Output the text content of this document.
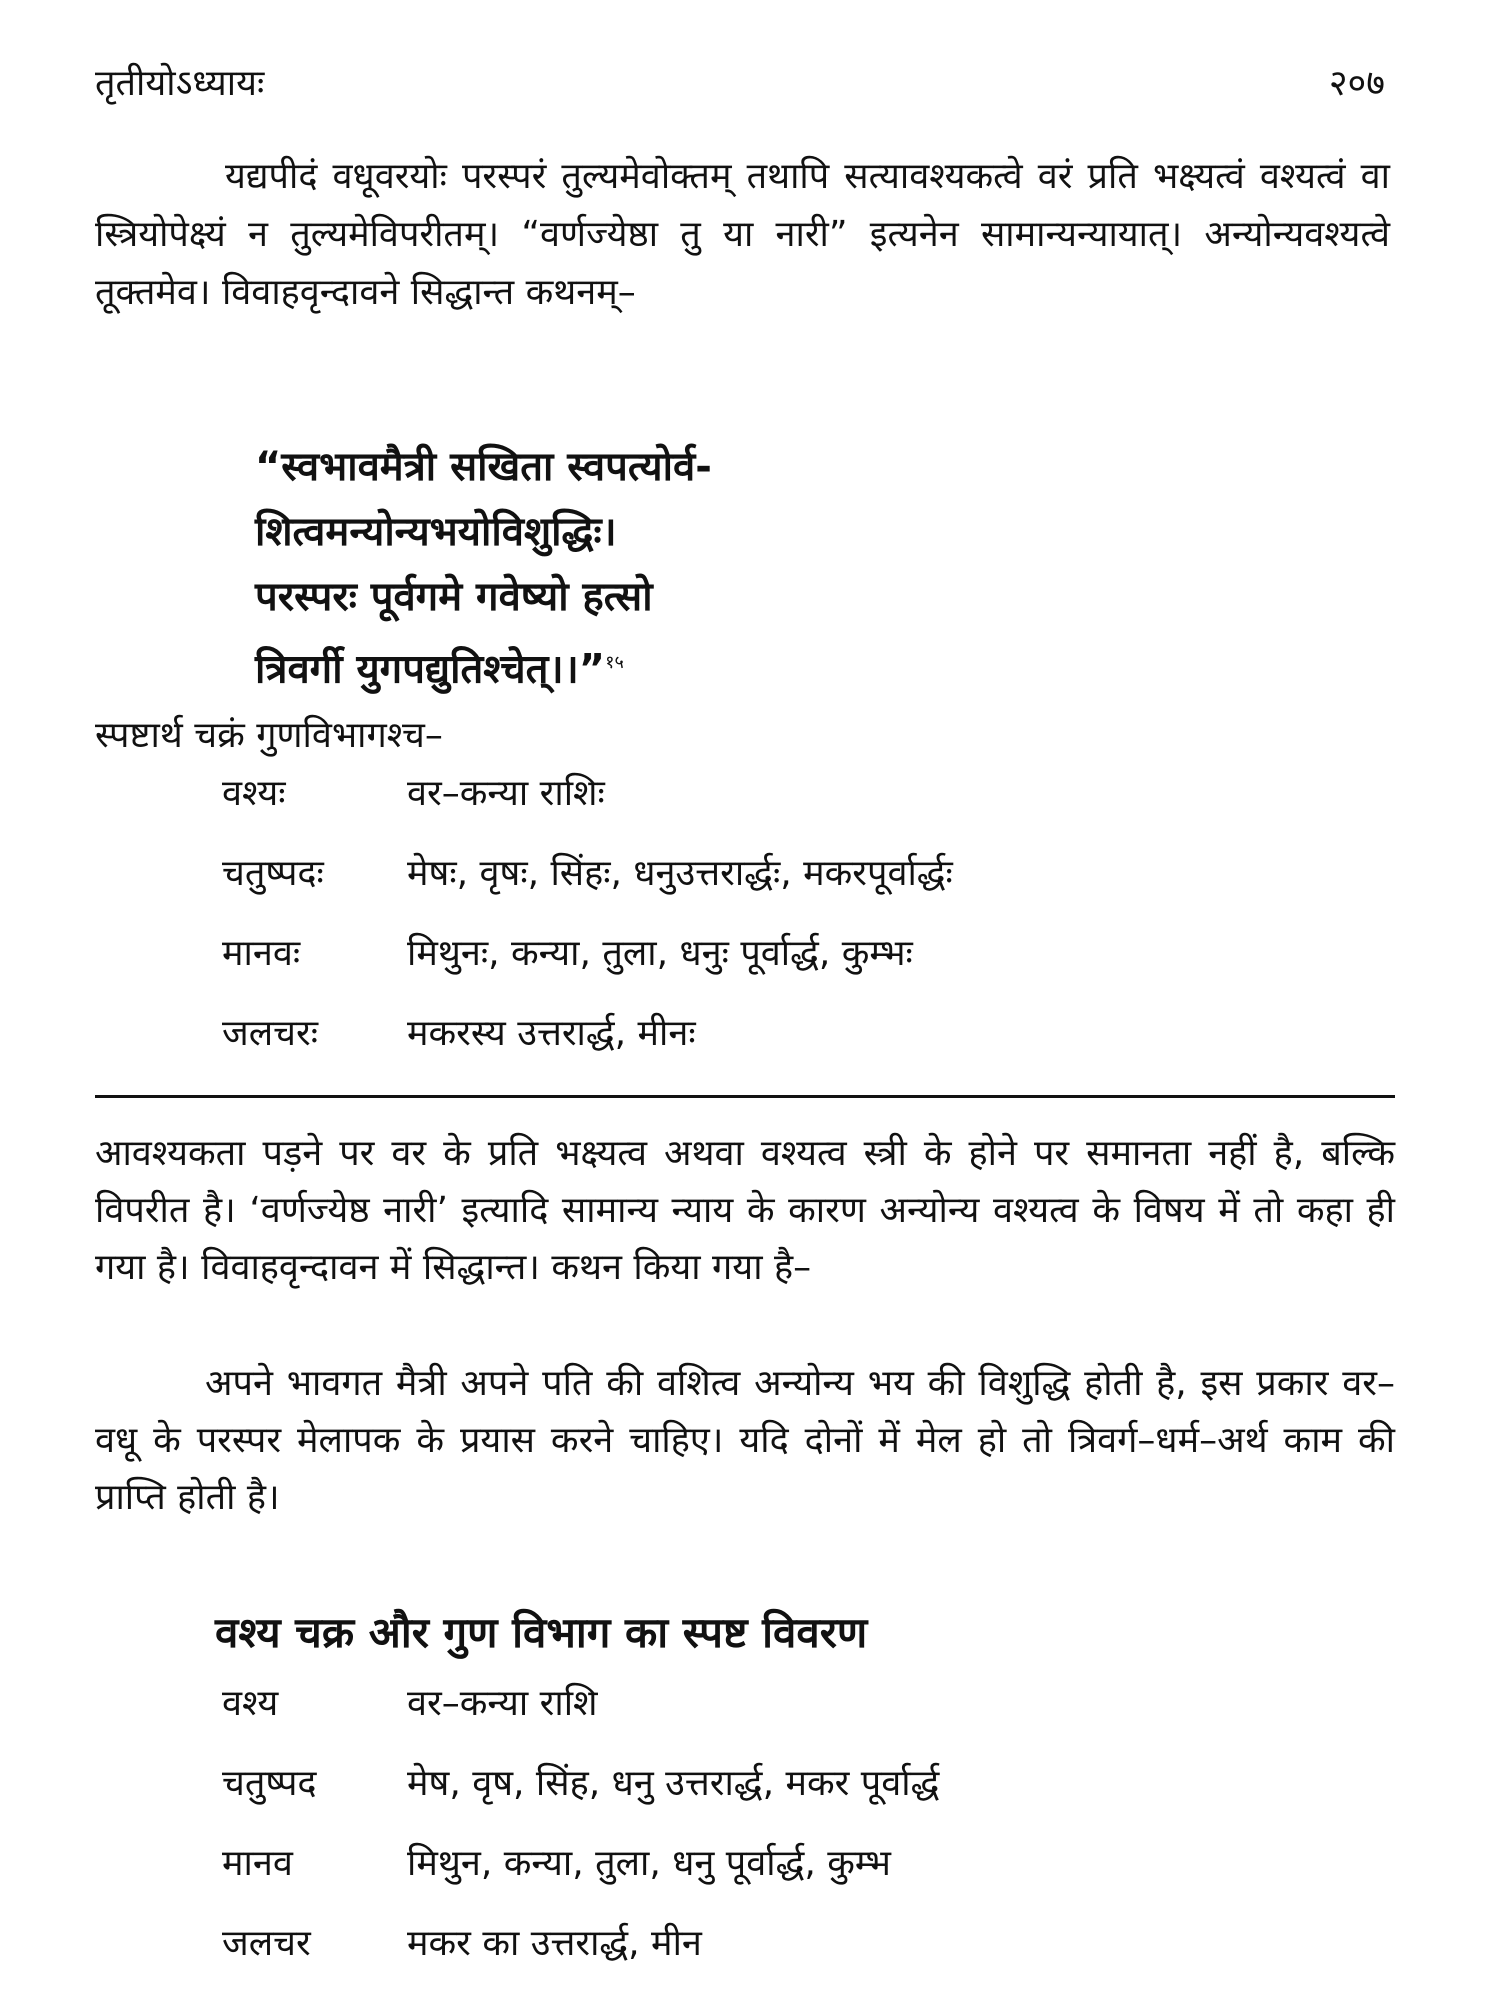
तृतीयोऽध्यायः	२०७

यद्यपीदं वधूवरयोः परस्परं तुल्यमेवोक्तम् तथापि सत्यावश्यकत्वे वरं प्रति भक्ष्यत्वं वश्यत्वं वा स्त्रियोपेक्ष्यं न तुल्यमेविपरीतम्। “वर्णज्येष्ठा तु या नारी” इत्यनेन सामान्यन्यायात्। अन्योन्यवश्यत्वे तूक्तमेव। विवाहवृन्दावने सिद्धान्त कथनम्–

“स्वभावमैत्री सखिता स्वपत्योर्व-
शित्वमन्योन्यभयोविशुद्धिः।
परस्परः पूर्वगमे गवेष्यो हत्सो
त्रिवर्गी युगपद्युतिश्चेत्।।”$^{१५}$
स्पष्टार्थ चक्रं गुणविभागश्च–
वश्यः	वर–कन्या राशिः
चतुष्पदः मेषः, वृषः, सिंहः, धनुउत्तरार्द्धः, मकरपूर्वार्द्धः
मानवः	मिथुनः, कन्या, तुला, धनुः पूर्वार्द्ध, कुम्भः
जलचरः मकरस्य उत्तरार्द्ध, मीनः

आवश्यकता पड़ने पर वर के प्रति भक्ष्यत्व अथवा वश्यत्व स्त्री के होने पर समानता नहीं है, बल्कि विपरीत है। ‘वर्णज्येष्ठ नारी’ इत्यादि सामान्य न्याय के कारण अन्योन्य वश्यत्व के विषय में तो कहा ही गया है। विवाहवृन्दावन में सिद्धान्त। कथन किया गया है–

अपने भावगत मैत्री अपने पति की वशित्व अन्योन्य भय की विशुद्धि होती है, इस प्रकार वर–वधू के परस्पर मेलापक के प्रयास करने चाहिए। यदि दोनों में मेल हो तो त्रिवर्ग–धर्म–अर्थ काम की प्राप्ति होती है।

वश्य चक्र और गुण विभाग का स्पष्ट विवरण
वश्य	वर–कन्या राशि
चतुष्पद	मेष, वृष, सिंह, धनु उत्तरार्द्ध, मकर पूर्वार्द्ध
मानव	मिथुन, कन्या, तुला, धनु पूर्वार्द्ध, कुम्भ
जलचर	मकर का उत्तरार्द्ध, मीन
